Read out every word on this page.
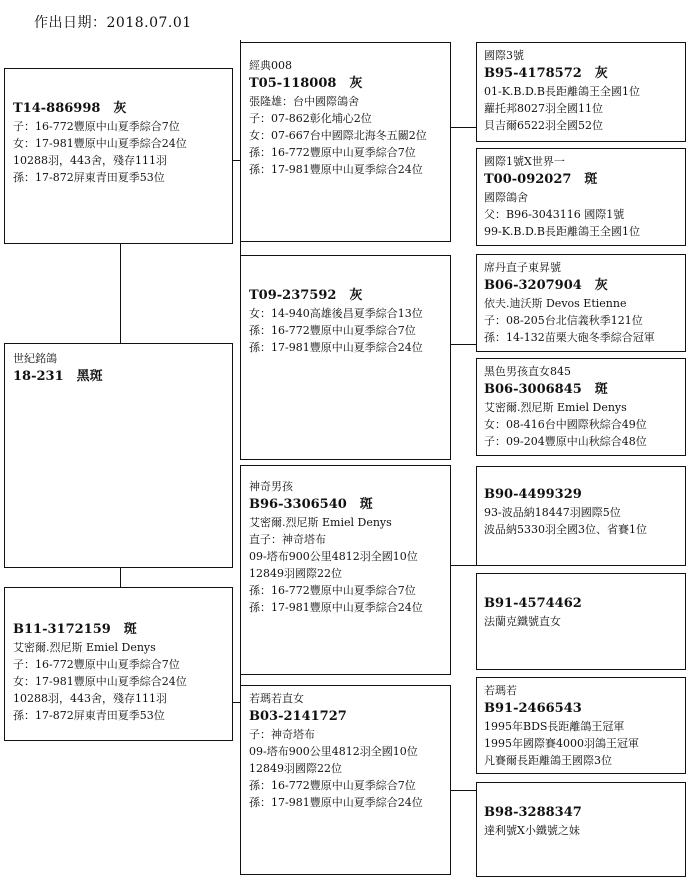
作出日期：2018.07.01
T14-886998　灰
子：16-772豐原中山夏季綜合7位
女：17-981豐原中山夏季綜合24位
10288羽，443舍，殘存111羽
孫：17-872屏東青田夏季53位
世紀銘鴿
18-231　黑斑
B11-3172159　斑
艾密爾.烈尼斯 Emiel Denys
子：16-772豐原中山夏季綜合7位
女：17-981豐原中山夏季綜合24位
10288羽，443舍，殘存111羽
孫：17-872屏東青田夏季53位
經典008
T05-118008　灰
張隆雄：台中國際鴿舍
子：07-862彰化埔心2位
女：07-667台中國際北海冬五關2位
孫：16-772豐原中山夏季綜合7位
孫：17-981豐原中山夏季綜合24位
T09-237592　灰
女：14-940高雄後昌夏季綜合13位
孫：16-772豐原中山夏季綜合7位
孫：17-981豐原中山夏季綜合24位
神奇男孩
B96-3306540　斑
艾密爾.烈尼斯 Emiel Denys
直子：神奇塔布
09-塔布900公里4812羽全國10位
12849羽國際22位
孫：16-772豐原中山夏季綜合7位
孫：17-981豐原中山夏季綜合24位
若瑪若直女
B03-2141727
子：神奇塔布
09-塔布900公里4812羽全國10位
12849羽國際22位
孫：16-772豐原中山夏季綜合7位
孫：17-981豐原中山夏季綜合24位
國際3號
B95-4178572　灰
01-K.B.D.B長距離鴿王全國1位
蘿托邦8027羽全國11位
貝吉爾6522羽全國52位
國際1號X世界一
T00-092027　斑
國際鴿舍
父：B96-3043116 國際1號
99-K.B.D.B長距離鴿王全國1位
席丹直子東昇號
B06-3207904　灰
依夫.迪沃斯 Devos Etienne
子：08-205台北信義秋季121位
孫：14-132苗栗大砲冬季綜合冠軍
黑色男孩直女845
B06-3006845　斑
艾密爾.烈尼斯 Emiel Denys
女：08-416台中國際秋綜合49位
子：09-204豐原中山秋綜合48位
B90-4499329
93-波品納18447羽國際5位
波品納5330羽全國3位、省賽1位
B91-4574462
法蘭克鐵號直女
若瑪若
B91-2466543
1995年BDS長距離鴿王冠軍
1995年國際賽4000羽鴿王冠軍
凡賽爾長距離鴿王國際3位
B98-3288347
達利號X小鐵號之妹
